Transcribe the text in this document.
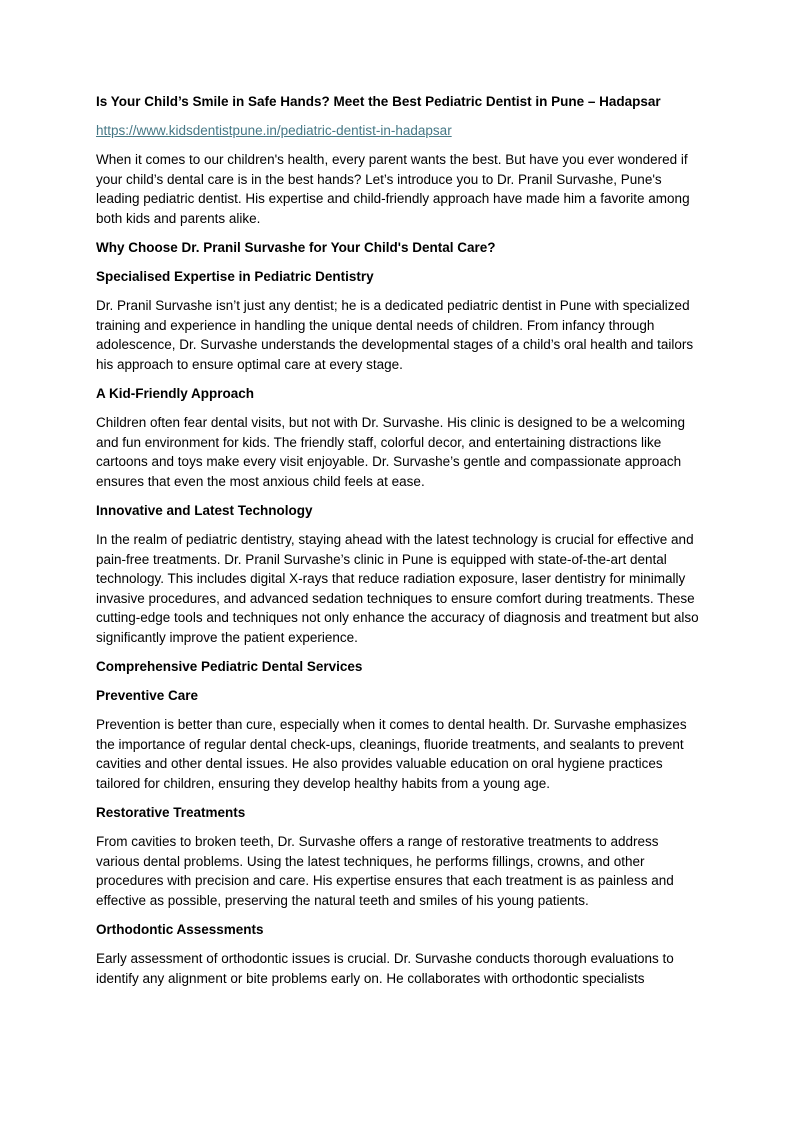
Is Your Child’s Smile in Safe Hands? Meet the Best Pediatric Dentist in Pune – Hadapsar

https://www.kidsdentistpune.in/pediatric-dentist-in-hadapsar

When it comes to our children's health, every parent wants the best. But have you ever wondered if your child’s dental care is in the best hands? Let’s introduce you to Dr. Pranil Survashe, Pune's leading pediatric dentist. His expertise and child-friendly approach have made him a favorite among both kids and parents alike.

Why Choose Dr. Pranil Survashe for Your Child's Dental Care?

Specialised Expertise in Pediatric Dentistry

Dr. Pranil Survashe isn’t just any dentist; he is a dedicated pediatric dentist in Pune with specialized training and experience in handling the unique dental needs of children. From infancy through adolescence, Dr. Survashe understands the developmental stages of a child’s oral health and tailors his approach to ensure optimal care at every stage.

A Kid-Friendly Approach

Children often fear dental visits, but not with Dr. Survashe. His clinic is designed to be a welcoming and fun environment for kids. The friendly staff, colorful decor, and entertaining distractions like cartoons and toys make every visit enjoyable. Dr. Survashe’s gentle and compassionate approach ensures that even the most anxious child feels at ease.

Innovative and Latest Technology

In the realm of pediatric dentistry, staying ahead with the latest technology is crucial for effective and pain-free treatments. Dr. Pranil Survashe’s clinic in Pune is equipped with state-of-the-art dental technology. This includes digital X-rays that reduce radiation exposure, laser dentistry for minimally invasive procedures, and advanced sedation techniques to ensure comfort during treatments. These cutting-edge tools and techniques not only enhance the accuracy of diagnosis and treatment but also significantly improve the patient experience.

Comprehensive Pediatric Dental Services

Preventive Care

Prevention is better than cure, especially when it comes to dental health. Dr. Survashe emphasizes the importance of regular dental check-ups, cleanings, fluoride treatments, and sealants to prevent cavities and other dental issues. He also provides valuable education on oral hygiene practices tailored for children, ensuring they develop healthy habits from a young age.

Restorative Treatments

From cavities to broken teeth, Dr. Survashe offers a range of restorative treatments to address various dental problems. Using the latest techniques, he performs fillings, crowns, and other procedures with precision and care. His expertise ensures that each treatment is as painless and effective as possible, preserving the natural teeth and smiles of his young patients.

Orthodontic Assessments

Early assessment of orthodontic issues is crucial. Dr. Survashe conducts thorough evaluations to identify any alignment or bite problems early on. He collaborates with orthodontic specialists
